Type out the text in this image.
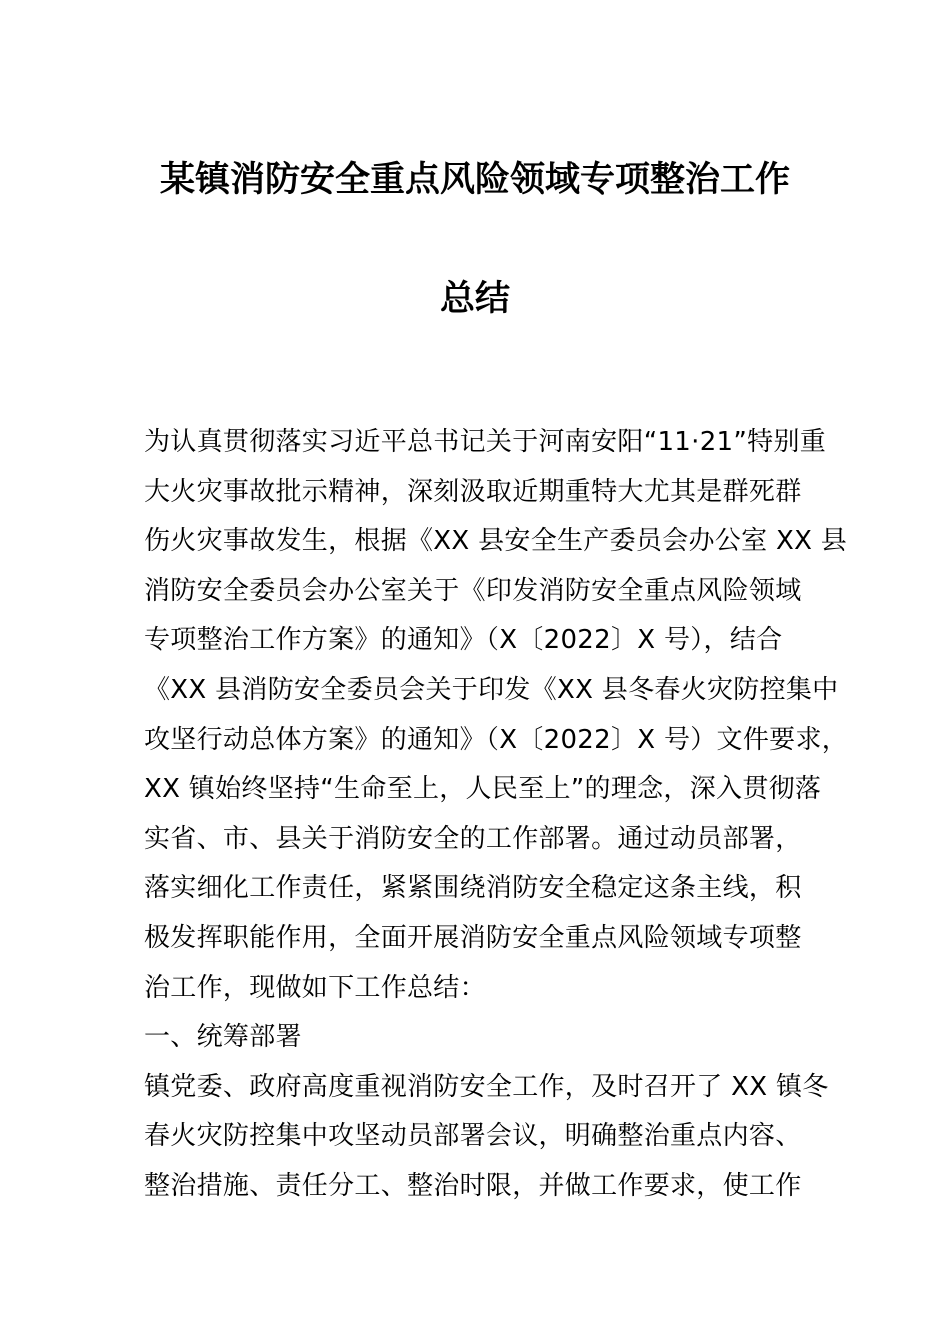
某镇消防安全重点风险领域专项整治工作
总结
为认真贯彻落实习近平总书记关于河南安阳“11·21”特别重
大火灾事故批示精神，深刻汲取近期重特大尤其是群死群
伤火灾事故发生，根据《XX 县安全生产委员会办公室 XX 县
消防安全委员会办公室关于《印发消防安全重点风险领域
专项整治工作方案》的通知》（X〔2022〕X 号），结合
《XX 县消防安全委员会关于印发《XX 县冬春火灾防控集中
攻坚行动总体方案》的通知》（X〔2022〕X 号）文件要求，
XX 镇始终坚持“生命至上，人民至上”的理念，深入贯彻落
实省、市、县关于消防安全的工作部署。通过动员部署，
落实细化工作责任，紧紧围绕消防安全稳定这条主线，积
极发挥职能作用，全面开展消防安全重点风险领域专项整
治工作，现做如下工作总结：
一、统筹部署
镇党委、政府高度重视消防安全工作，及时召开了 XX 镇冬
春火灾防控集中攻坚动员部署会议，明确整治重点内容、
整治措施、责任分工、整治时限，并做工作要求，使工作
